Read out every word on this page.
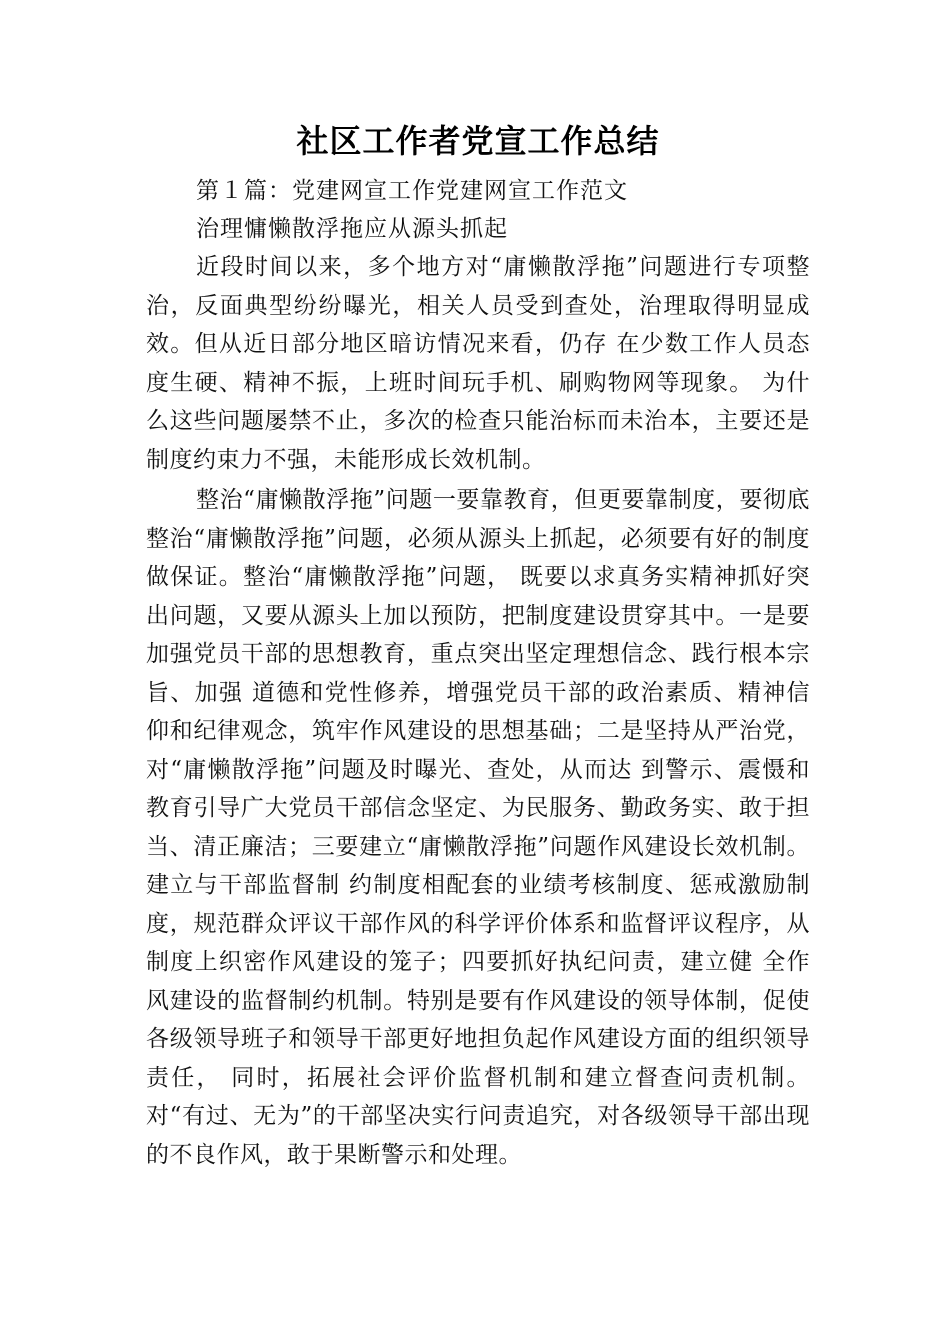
社区工作者党宣工作总结

第１篇：党建网宣工作党建网宣工作范文

治理慵懒散浮拖应从源头抓起

近段时间以来，多个地方对“庸懒散浮拖”问题进行专项整治，反面典型纷纷曝光，相关人员受到查处，治理取得明显成效。但从近日部分地区暗访情况来看，仍存 在少数工作人员态度生硬、精神不振，上班时间玩手机、刷购物网等现象。 为什么这些问题屡禁不止，多次的检查只能治标而未治本，主要还是制度约束力不强，未能形成长效机制。

整治“庸懒散浮拖”问题一要靠教育，但更要靠制度，要彻底整治“庸懒散浮拖”问题，必须从源头上抓起，必须要有好的制度做保证。整治“庸懒散浮拖”问题， 既要以求真务实精神抓好突出问题，又要从源头上加以预防，把制度建设贯穿其中。一是要加强党员干部的思想教育，重点突出坚定理想信念、践行根本宗旨、加强 道德和党性修养，增强党员干部的政治素质、精神信仰和纪律观念，筑牢作风建设的思想基础；二是坚持从严治党，对“庸懒散浮拖”问题及时曝光、查处，从而达 到警示、震慑和教育引导广大党员干部信念坚定、为民服务、勤政务实、敢于担当、清正廉洁；三要建立“庸懒散浮拖”问题作风建设长效机制。建立与干部监督制 约制度相配套的业绩考核制度、惩戒激励制度，规范群众评议干部作风的科学评价体系和监督评议程序，从制度上织密作风建设的笼子；四要抓好执纪问责，建立健 全作风建设的监督制约机制。特别是要有作风建设的领导体制，促使各级领导班子和领导干部更好地担负起作风建设方面的组织领导责任， 同时，拓展社会评价监督机制和建立督查问责机制。对“有过、无为”的干部坚决实行问责追究，对各级领导干部出现的不良作风，敢于果断警示和处理。
